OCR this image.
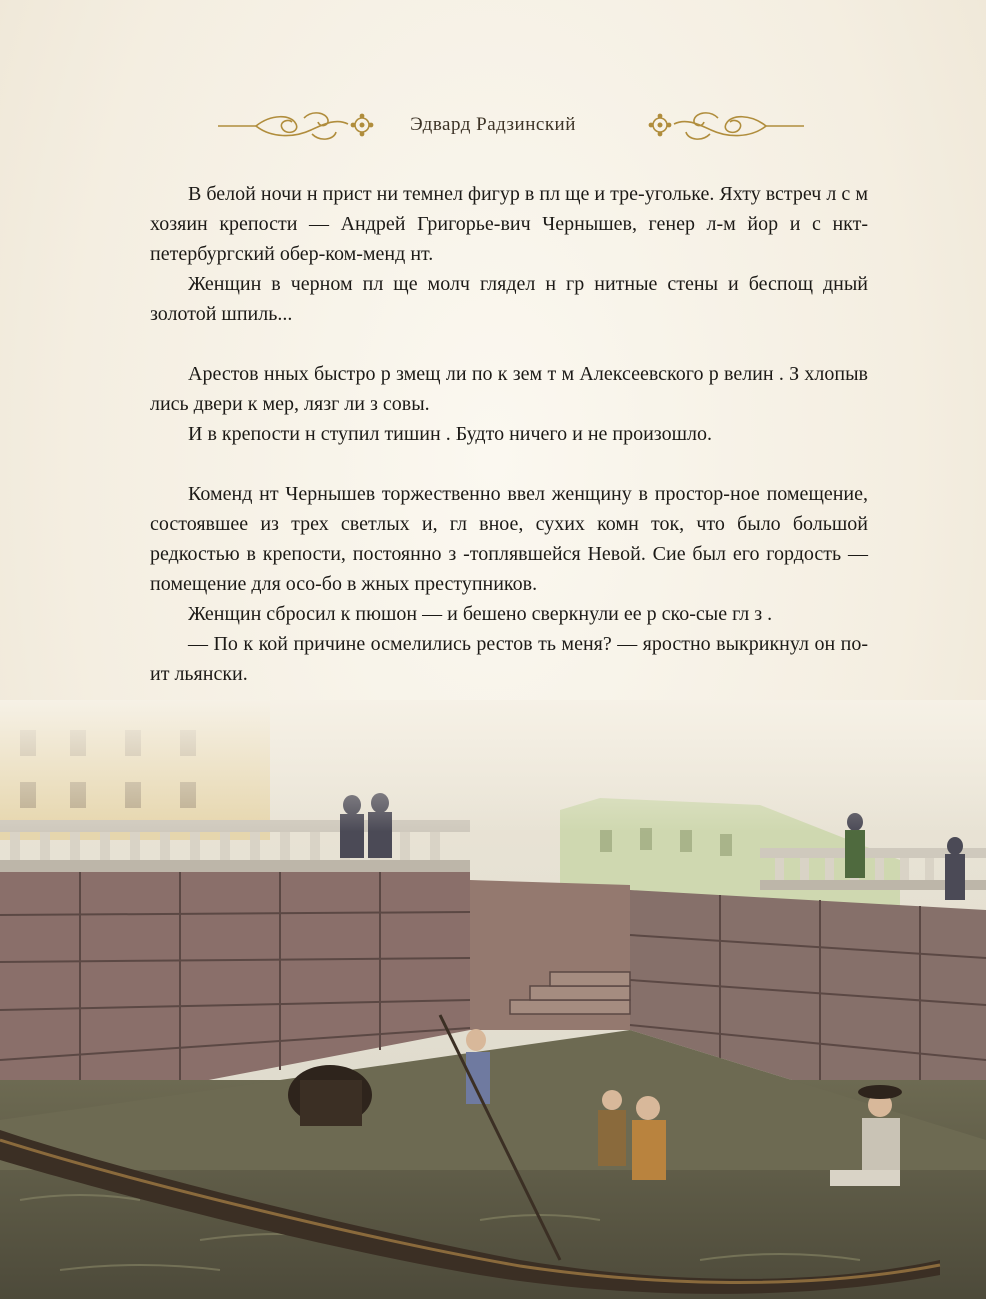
Эдвард Радзинский

В белой ночи н прист ни темнел фигур в пл ще и тре-угольке. Яхту встреч л с м хозяин крепости — Андрей Григорье-вич Чернышев, генер л-м йор и с нкт-петербургский обер-ком-менд нт.

Женщин в черном пл ще молч глядел н гр нитные стены и беспощ дный золотой шпиль...

Арестов нных быстро р змещ ли по к зем т м Алексеевского р велин . З хлопыв лись двери к мер, лязг ли з совы.

И в крепости н ступил тишин . Будто ничего и не произошло.

Коменд нт Чернышев торжественно ввел женщину в простор-ное помещение, состоявшее из трех светлых и, гл вное, сухих комн ток, что было большой редкостью в крепости, постоянно з -топлявшейся Невой. Сие был его гордость — помещение для осо-бо в жных преступников.

Женщин сбросил к пюшон — и бешено сверкнули ее р ско-сые гл з .

— По к кой причине осмелились рестов ть меня? — яростно выкрикнул он по-ит льянски.
